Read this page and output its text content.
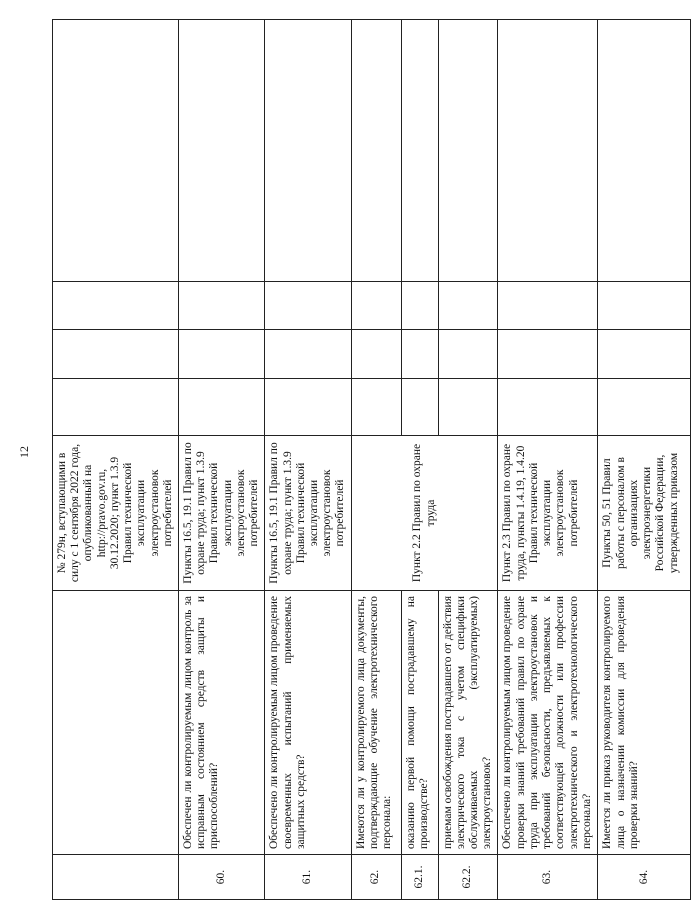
12
		№ 279н, вступающими в силу с 1 сентября 2022 года, опубликованный на http://pravo.gov.ru, 30.12.2020; пункт 1.3.9 Правил технической эксплуатации электроустановок потребителей				
60.	Обеспечен ли контролируемым лицом контроль за исправным состоянием средств защиты и приспособлений?	Пункты 16.5, 19.1 Правил по охране труда; пункт 1.3.9 Правил технической эксплуатации электроустановок потребителей				
61.	Обеспечено ли контролируемым лицом проведение своевременных испытаний применяемых защитных средств?	Пункты 16.5, 19.1 Правил по охране труда; пункт 1.3.9 Правил технической эксплуатации электроустановок потребителей				
62.	Имеются ли у контролируемого лица документы, подтверждающие обучение электротехнического персонала:	Пункт 2.2 Правил по охране труда				
62.1.	оказанию первой помощи пострадавшему на производстве?					
62.2.	приемам освобождения пострадавшего от действия электрического тока с учетом специфики обслуживаемых (эксплуатируемых) электроустановок?					
63.	Обеспечено ли контролируемым лицом проведение проверки знаний требований правил по охране труда при эксплуатации электроустановок и требований безопасности, предъявляемых к соответствующей должности или профессии электротехнического и электротехнологического персонала?	Пункт 2.3 Правил по охране труда, пункты 1.4.19, 1.4.20 Правил технической эксплуатации электроустановок потребителей				
64.	Имеется ли приказ руководителя контролируемого лица о назначении комиссии для проведения проверки знаний?	Пункты 50, 51 Правил работы с персоналом в организациях электроэнергетики Российской Федерации, утвержденных приказом				
